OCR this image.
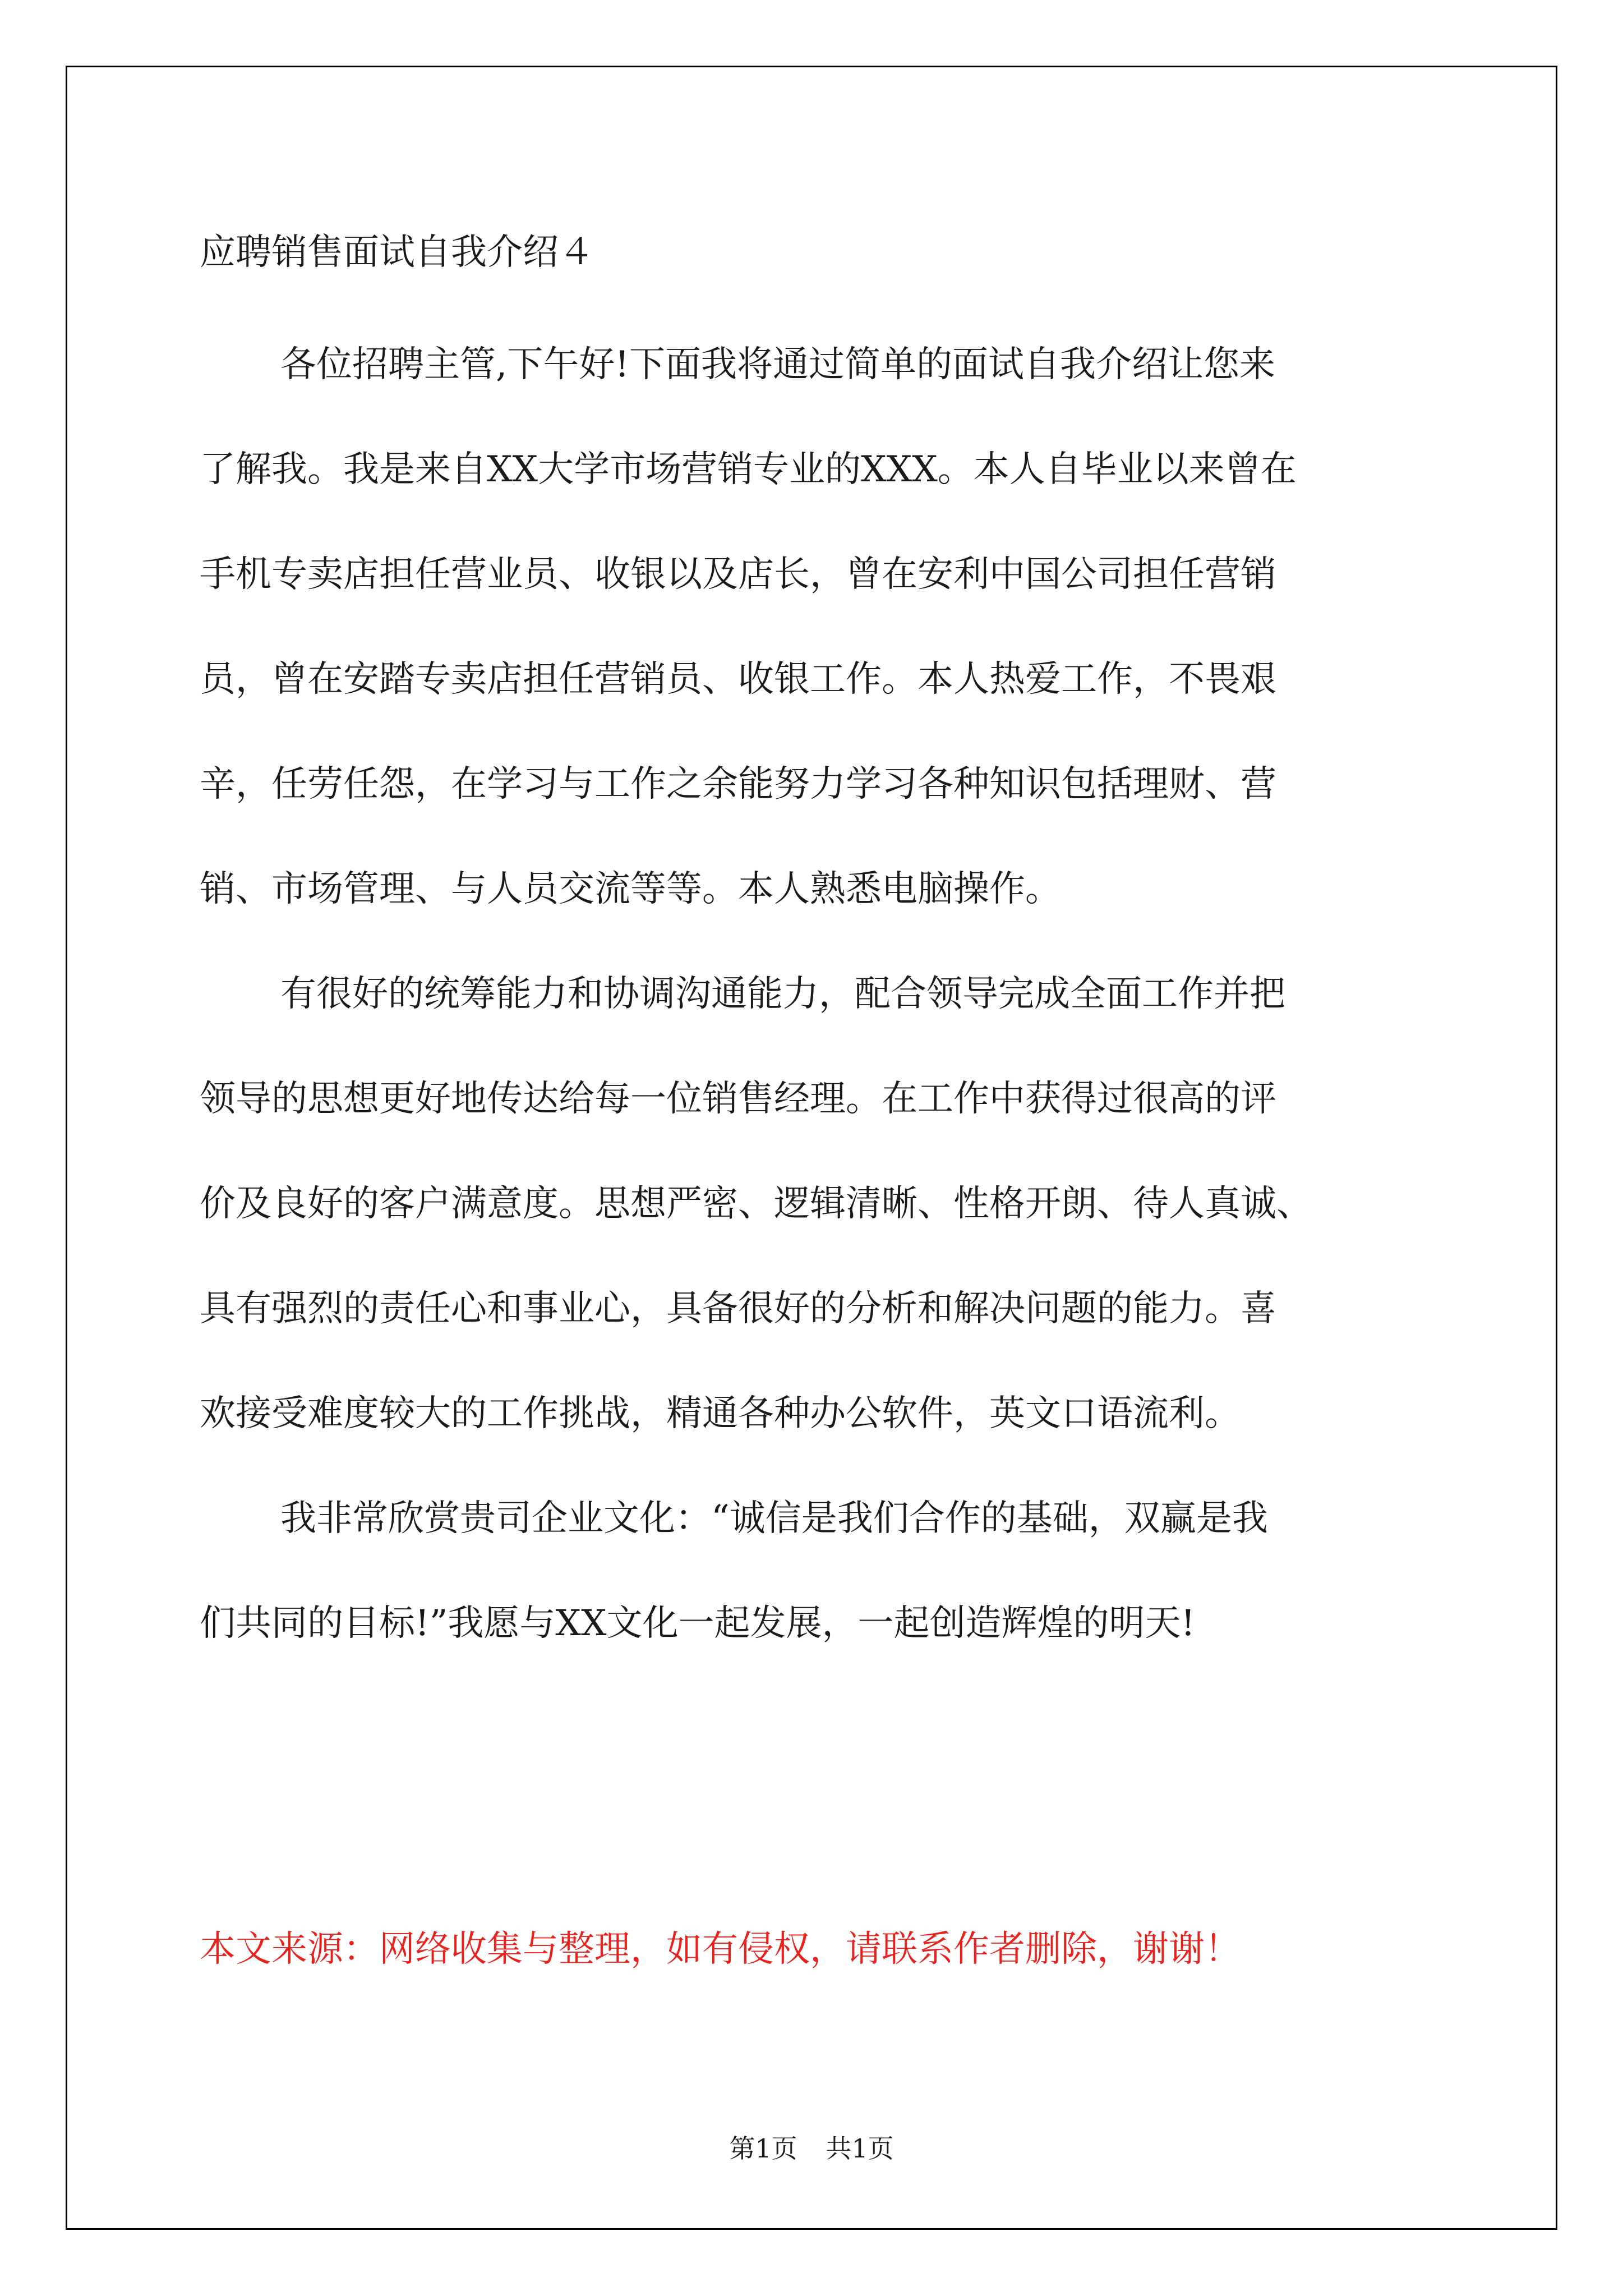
应聘销售面试自我介绍４
各位招聘主管,下午好!下面我将通过简单的面试自我介绍让您来
了解我。我是来自XX大学市场营销专业的XXX。本人自毕业以来曾在
手机专卖店担任营业员、收银以及店长，曾在安利中国公司担任营销
员，曾在安踏专卖店担任营销员、收银工作。本人热爱工作，不畏艰
辛，任劳任怨，在学习与工作之余能努力学习各种知识包括理财、营
销、市场管理、与人员交流等等。本人熟悉电脑操作。
有很好的统筹能力和协调沟通能力，配合领导完成全面工作并把
领导的思想更好地传达给每一位销售经理。在工作中获得过很高的评
价及良好的客户满意度。思想严密、逻辑清晰、性格开朗、待人真诚、
具有强烈的责任心和事业心，具备很好的分析和解决问题的能力。喜
欢接受难度较大的工作挑战，精通各种办公软件，英文口语流利。
我非常欣赏贵司企业文化：“诚信是我们合作的基础，双赢是我
们共同的目标!”我愿与XX文化一起发展，一起创造辉煌的明天!
本文来源：网络收集与整理，如有侵权，请联系作者删除，谢谢！
第1页 共1页
